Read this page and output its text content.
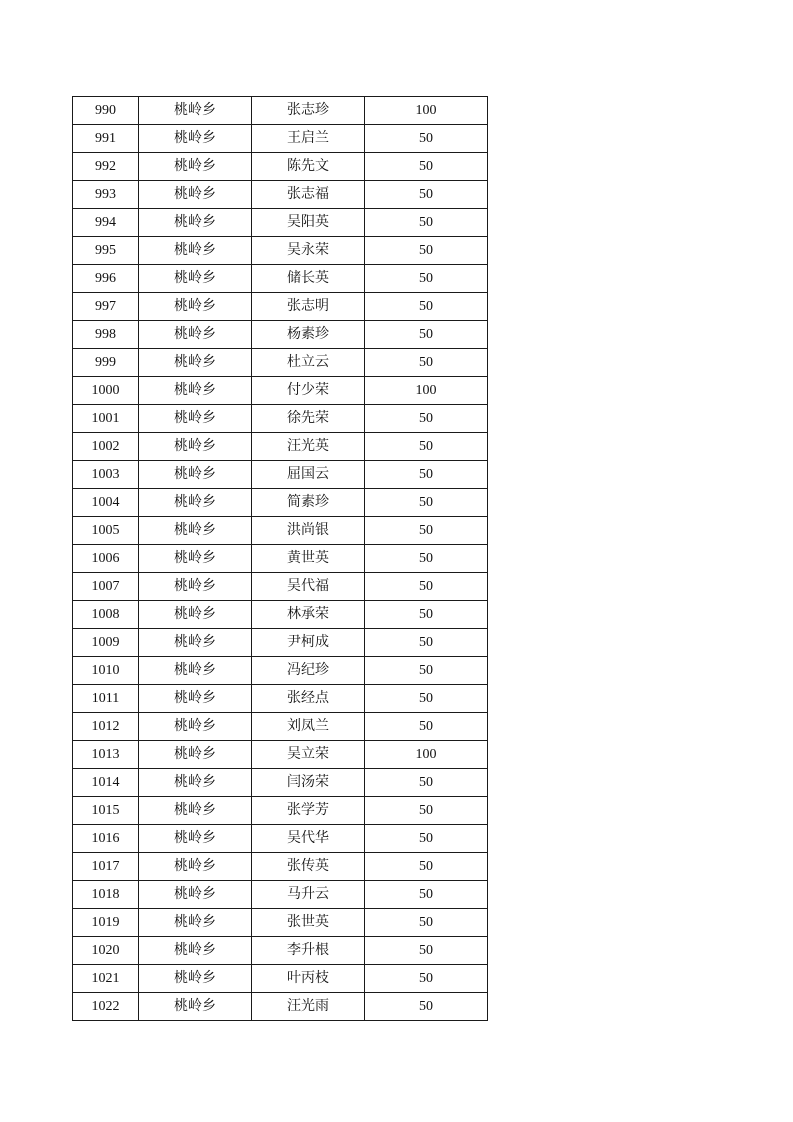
990	桃岭乡	张志珍	100
991	桃岭乡	王启兰	50
992	桃岭乡	陈先文	50
993	桃岭乡	张志福	50
994	桃岭乡	吴阳英	50
995	桃岭乡	吴永荣	50
996	桃岭乡	储长英	50
997	桃岭乡	张志明	50
998	桃岭乡	杨素珍	50
999	桃岭乡	杜立云	50
1000	桃岭乡	付少荣	100
1001	桃岭乡	徐先荣	50
1002	桃岭乡	汪光英	50
1003	桃岭乡	屈国云	50
1004	桃岭乡	简素珍	50
1005	桃岭乡	洪尚银	50
1006	桃岭乡	黄世英	50
1007	桃岭乡	吴代福	50
1008	桃岭乡	林承荣	50
1009	桃岭乡	尹柯成	50
1010	桃岭乡	冯纪珍	50
1011	桃岭乡	张经点	50
1012	桃岭乡	刘凤兰	50
1013	桃岭乡	吴立荣	100
1014	桃岭乡	闫汤荣	50
1015	桃岭乡	张学芳	50
1016	桃岭乡	吴代华	50
1017	桃岭乡	张传英	50
1018	桃岭乡	马升云	50
1019	桃岭乡	张世英	50
1020	桃岭乡	李升根	50
1021	桃岭乡	叶丙枝	50
1022	桃岭乡	汪光雨	50
